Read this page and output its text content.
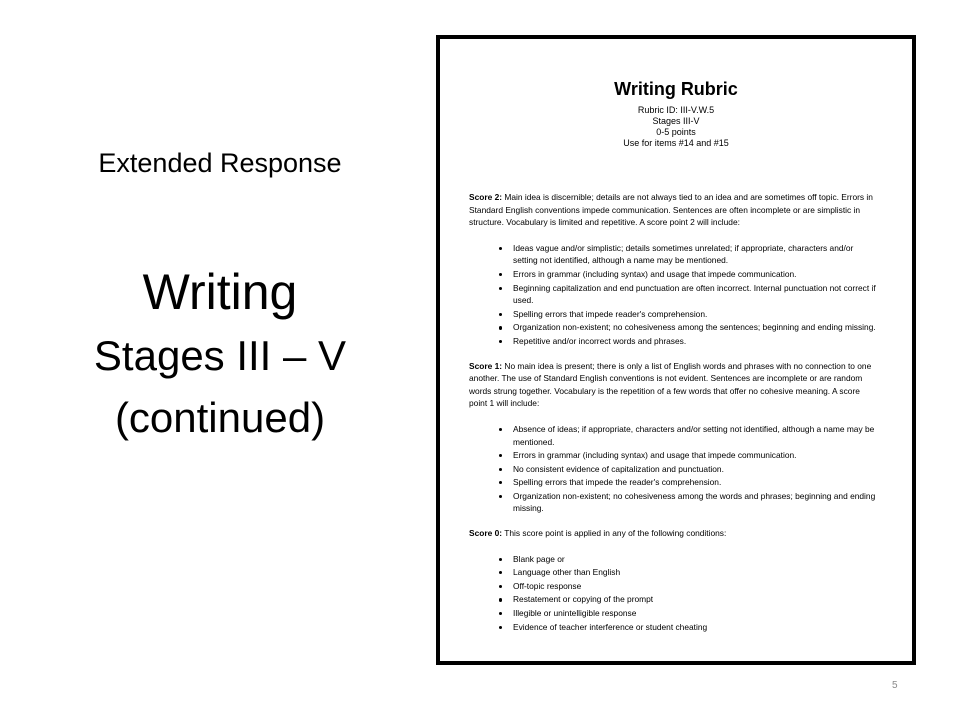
Extended Response
Writing
Stages III – V
(continued)
Writing Rubric
Rubric ID: III-V.W.5
Stages III-V
0-5 points
Use for items #14 and #15

Score 2: Main idea is discernible; details are not always tied to an idea and are sometimes off topic. Errors in Standard English conventions impede communication. Sentences are often incomplete or are simplistic in structure. Vocabulary is limited and repetitive. A score point 2 will include:

Ideas vague and/or simplistic; details sometimes unrelated; if appropriate, characters and/or setting not identified, although a name may be mentioned.
Errors in grammar (including syntax) and usage that impede communication.
Beginning capitalization and end punctuation are often incorrect. Internal punctuation not correct if used.
Spelling errors that impede reader's comprehension.
Organization non-existent; no cohesiveness among the sentences; beginning and ending missing.
Repetitive and/or incorrect words and phrases.

Score 1: No main idea is present; there is only a list of English words and phrases with no connection to one another. The use of Standard English conventions is not evident. Sentences are incomplete or are random words strung together. Vocabulary is the repetition of a few words that offer no cohesive meaning. A score point 1 will include:

Absence of ideas; if appropriate, characters and/or setting not identified, although a name may be mentioned.
Errors in grammar (including syntax) and usage that impede communication.
No consistent evidence of capitalization and punctuation.
Spelling errors that impede the reader's comprehension.
Organization non-existent; no cohesiveness among the words and phrases; beginning and ending missing.

Score 0: This score point is applied in any of the following conditions:

Blank page or
Language other than English
Off-topic response
Restatement or copying of the prompt
Illegible or unintelligible response
Evidence of teacher interference or student cheating
5
